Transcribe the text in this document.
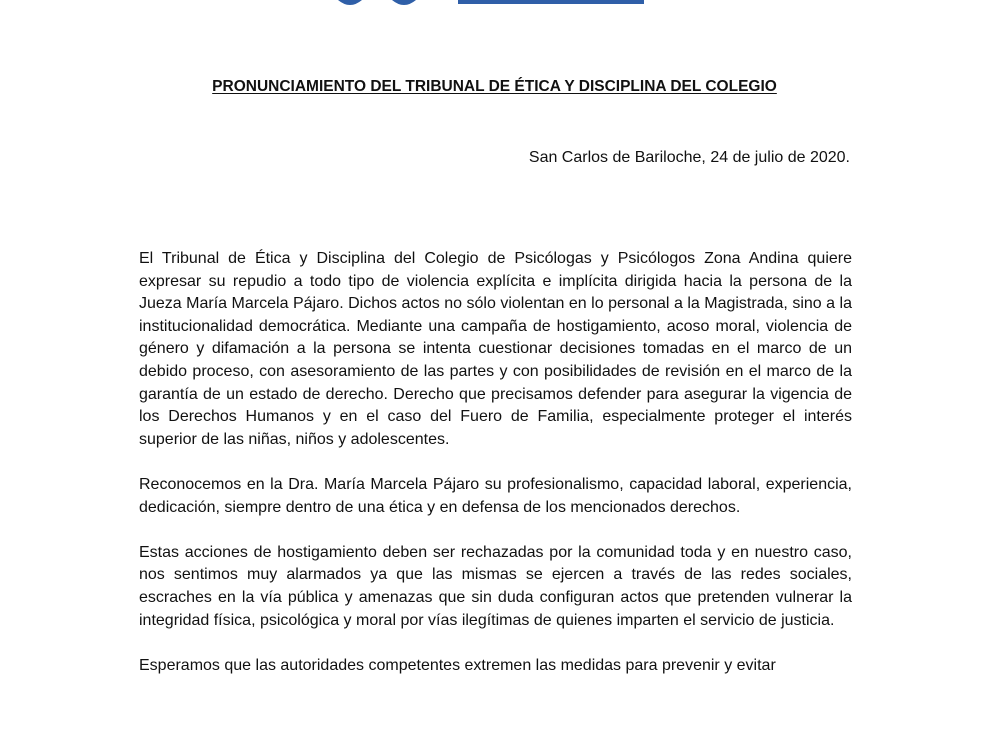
PRONUNCIAMIENTO DEL TRIBUNAL DE ÉTICA Y DISCIPLINA DEL COLEGIO
San Carlos de Bariloche, 24 de julio de 2020.

El Tribunal de Ética y Disciplina del Colegio de Psicólogas y Psicólogos Zona Andina quiere expresar su repudio a todo tipo de violencia explícita e implícita dirigida hacia la persona de la Jueza María Marcela Pájaro. Dichos actos no sólo violentan en lo personal a la Magistrada, sino a la institucionalidad democrática. Mediante una campaña de hostigamiento, acoso moral, violencia de género y difamación a la persona se intenta cuestionar decisiones tomadas en el marco de un debido proceso, con asesoramiento de las partes y con posibilidades de revisión en el marco de la garantía de un estado de derecho. Derecho que precisamos defender para asegurar la vigencia de los Derechos Humanos y en el caso del Fuero de Familia, especialmente proteger el interés superior de las niñas, niños y adolescentes.

Reconocemos en la Dra. María Marcela Pájaro su profesionalismo, capacidad laboral, experiencia, dedicación, siempre dentro de una ética y en defensa de los mencionados derechos.

Estas acciones de hostigamiento deben ser rechazadas por la comunidad toda y en nuestro caso, nos sentimos muy alarmados ya que las mismas se ejercen a través de las redes sociales, escraches en la vía pública y amenazas que sin duda configuran actos que pretenden vulnerar la integridad física, psicológica y moral por vías ilegítimas de quienes imparten el servicio de justicia.

Esperamos que las autoridades competentes extremen las medidas para prevenir y evitar
